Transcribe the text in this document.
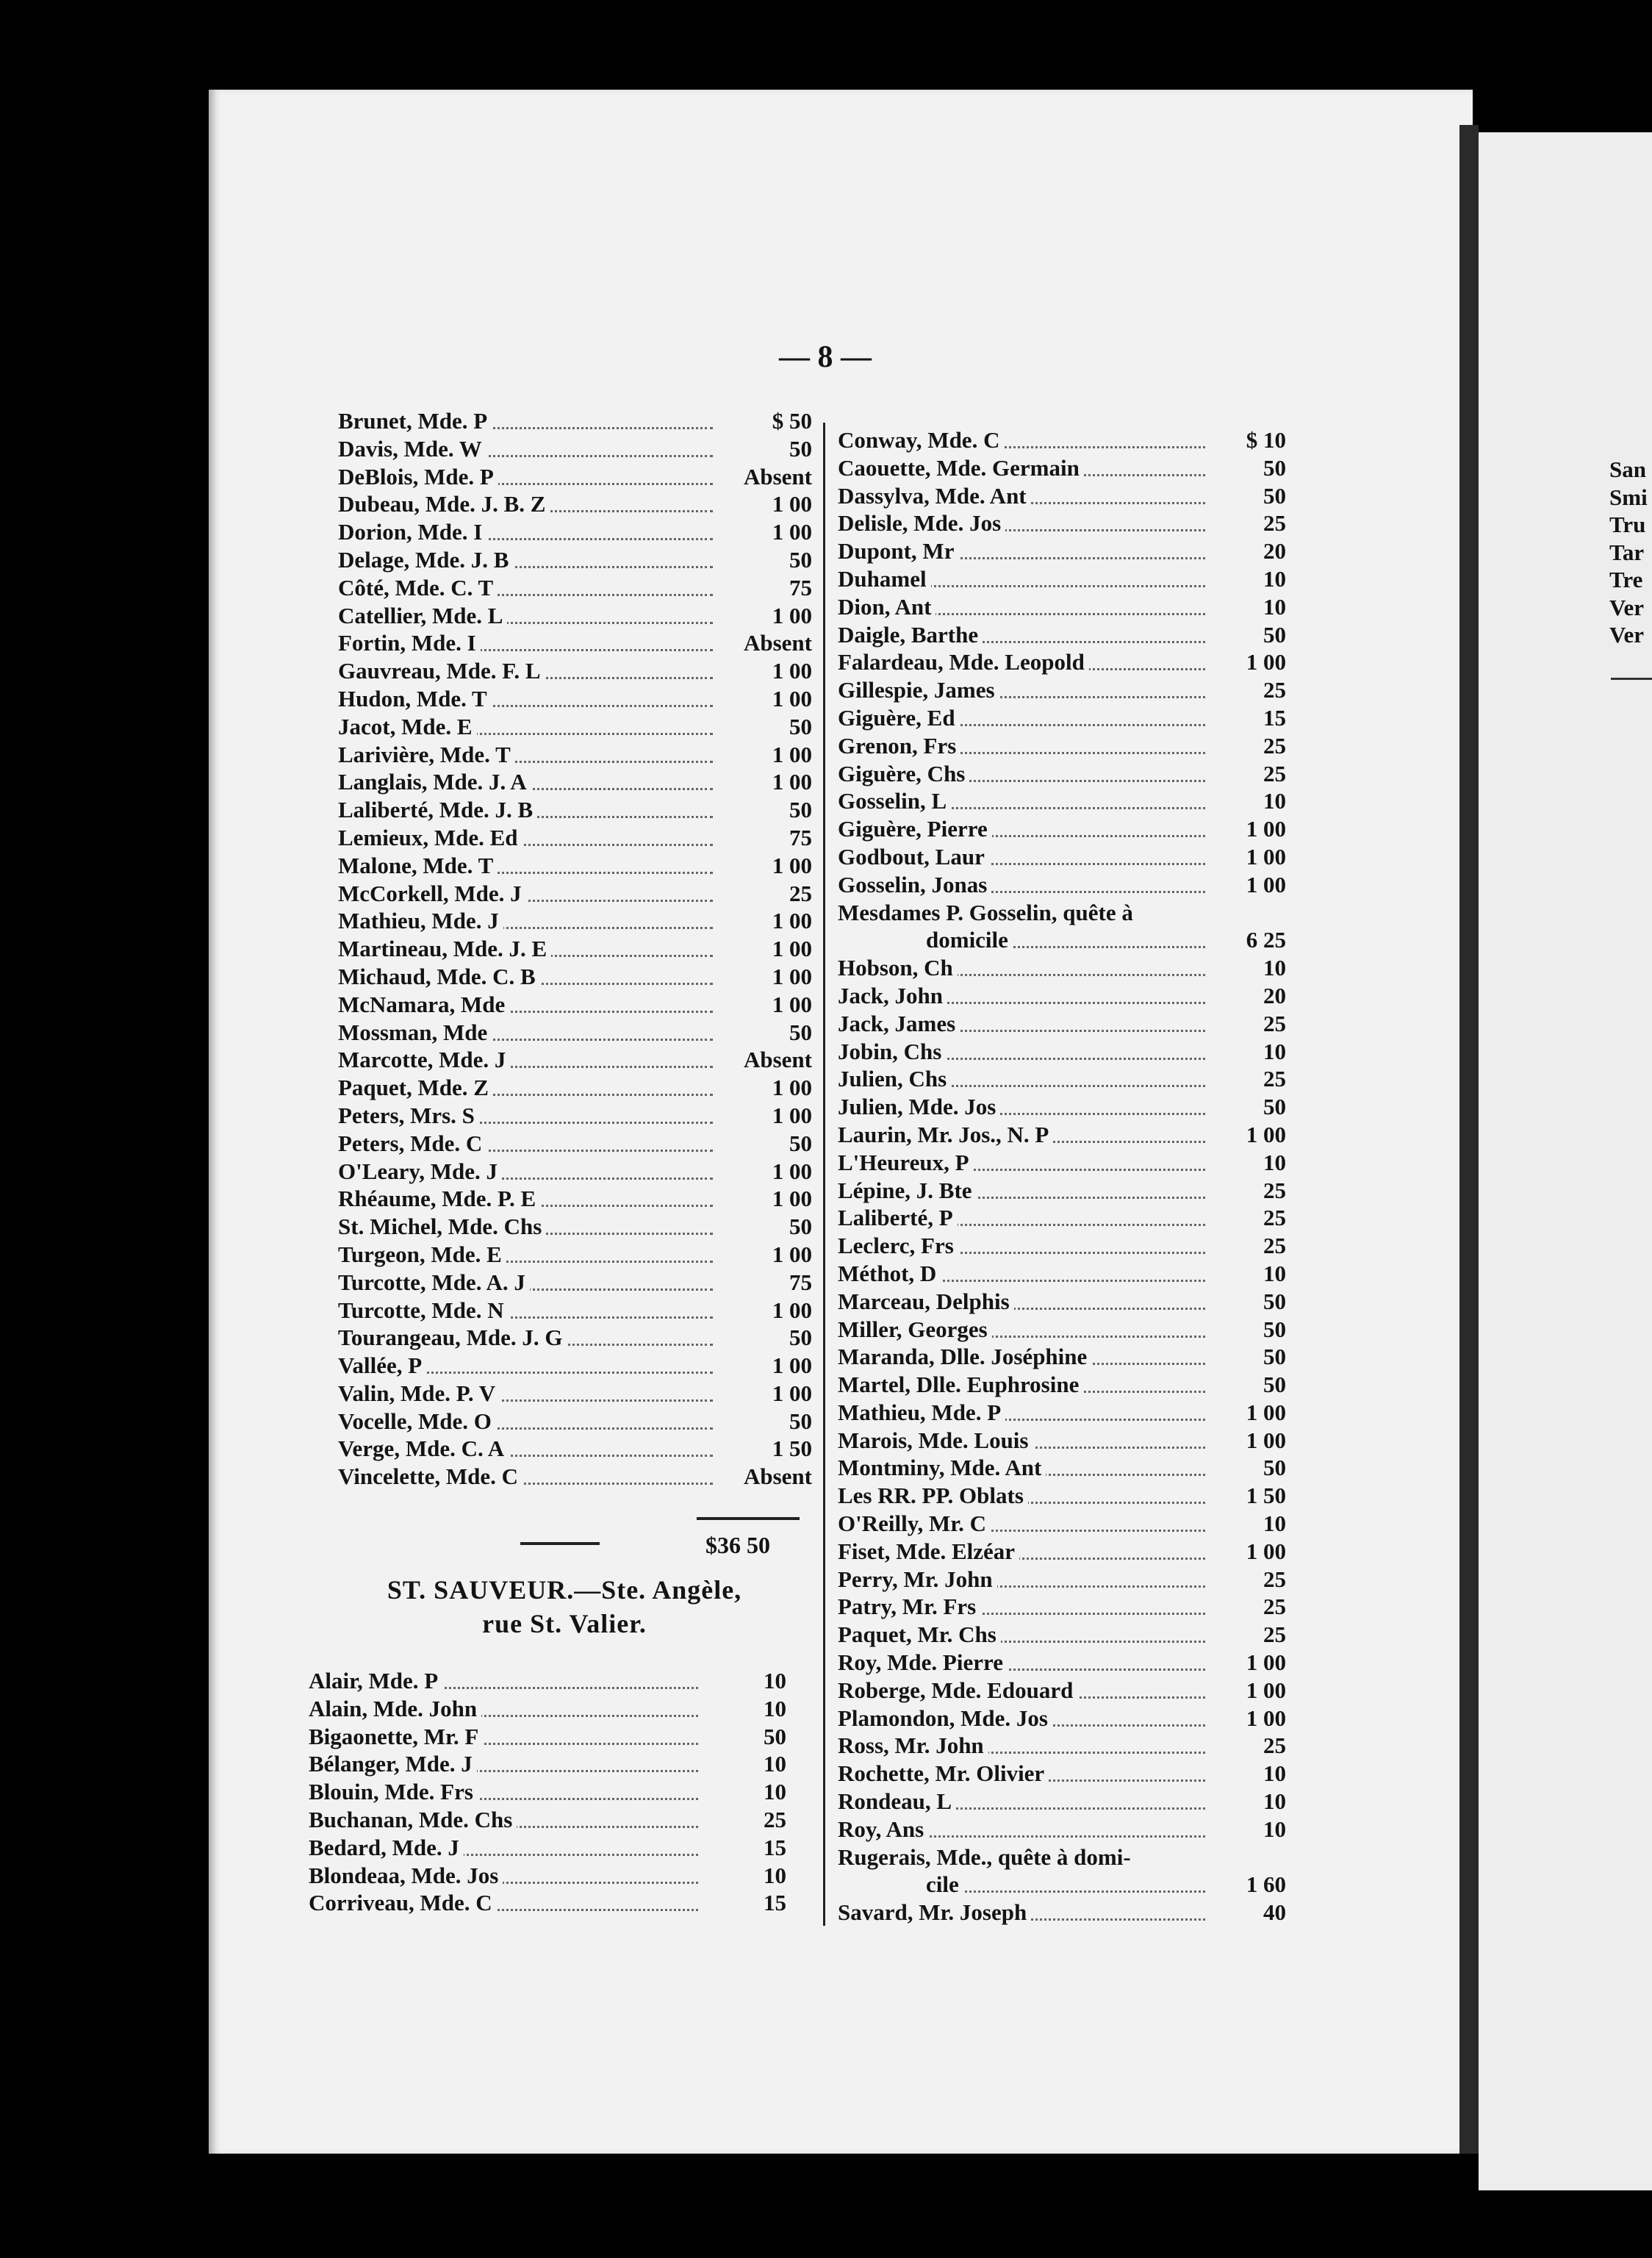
— 8 —
Brunet, Mde. P	$ 50
Davis, Mde. W	50
DeBlois, Mde. P	Absent
Dubeau, Mde. J. B. Z	1 00
Dorion, Mde. I	1 00
Delage, Mde. J. B	50
Côté, Mde. C. T	75
Catellier, Mde. L	1 00
Fortin, Mde. I	Absent
Gauvreau, Mde. F. L	1 00
Hudon, Mde. T	1 00
Jacot, Mde. E	50
Larivière, Mde. T	1 00
Langlais, Mde. J. A	1 00
Laliberté, Mde. J. B	50
Lemieux, Mde. Ed	75
Malone, Mde. T	1 00
McCorkell, Mde. J	25
Mathieu, Mde. J	1 00
Martineau, Mde. J. E	1 00
Michaud, Mde. C. B	1 00
McNamara, Mde	1 00
Mossman, Mde	50
Marcotte, Mde. J	Absent
Paquet, Mde. Z	1 00
Peters, Mrs. S	1 00
Peters, Mde. C	50
O'Leary, Mde. J	1 00
Rhéaume, Mde. P. E	1 00
St. Michel, Mde. Chs	50
Turgeon, Mde. E	1 00
Turcotte, Mde. A. J	75
Turcotte, Mde. N	1 00
Tourangeau, Mde. J. G	50
Vallée, P	1 00
Valin, Mde. P. V	1 00
Vocelle, Mde. O	50
Verge, Mde. C. A	1 50
Vincelette, Mde. C	Absent
$36 50
ST. SAUVEUR.—Ste. Angèle,
rue St. Valier.
Alair, Mde. P	10
Alain, Mde. John	10
Bigaonette, Mr. F	50
Bélanger, Mde. J	10
Blouin, Mde. Frs	10
Buchanan, Mde. Chs	25
Bedard, Mde. J	15
Blondeaa, Mde. Jos	10
Corriveau, Mde. C	15
Conway, Mde. C	$ 10
Caouette, Mde. Germain	50
Dassylva, Mde. Ant	50
Delisle, Mde. Jos	25
Dupont, Mr	20
Duhamel	10
Dion, Ant	10
Daigle, Barthe	50
Falardeau, Mde. Leopold	1 00
Gillespie, James	25
Giguère, Ed	15
Grenon, Frs	25
Giguère, Chs	25
Gosselin, L	10
Giguère, Pierre	1 00
Godbout, Laur	1 00
Gosselin, Jonas	1 00
Mesdames P. Gosselin, quête à
domicile	6 25
Hobson, Ch	10
Jack, John	20
Jack, James	25
Jobin, Chs	10
Julien, Chs	25
Julien, Mde. Jos	50
Laurin, Mr. Jos., N. P	1 00
L'Heureux, P	10
Lépine, J. Bte	25
Laliberté, P	25
Leclerc, Frs	25
Méthot, D	10
Marceau, Delphis	50
Miller, Georges	50
Maranda, Dlle. Joséphine	50
Martel, Dlle. Euphrosine	50
Mathieu, Mde. P	1 00
Marois, Mde. Louis	1 00
Montminy, Mde. Ant	50
Les RR. PP. Oblats	1 50
O'Reilly, Mr. C	10
Fiset, Mde. Elzéar	1 00
Perry, Mr. John	25
Patry, Mr. Frs	25
Paquet, Mr. Chs	25
Roy, Mde. Pierre	1 00
Roberge, Mde. Edouard	1 00
Plamondon, Mde. Jos	1 00
Ross, Mr. John	25
Rochette, Mr. Olivier	10
Rondeau, L	10
Roy, Ans	10
Rugerais, Mde., quête à domi-
cile	1 60
Savard, Mr. Joseph	40
San
Smi
Tru
Tar
Tre
Ver
Ver
